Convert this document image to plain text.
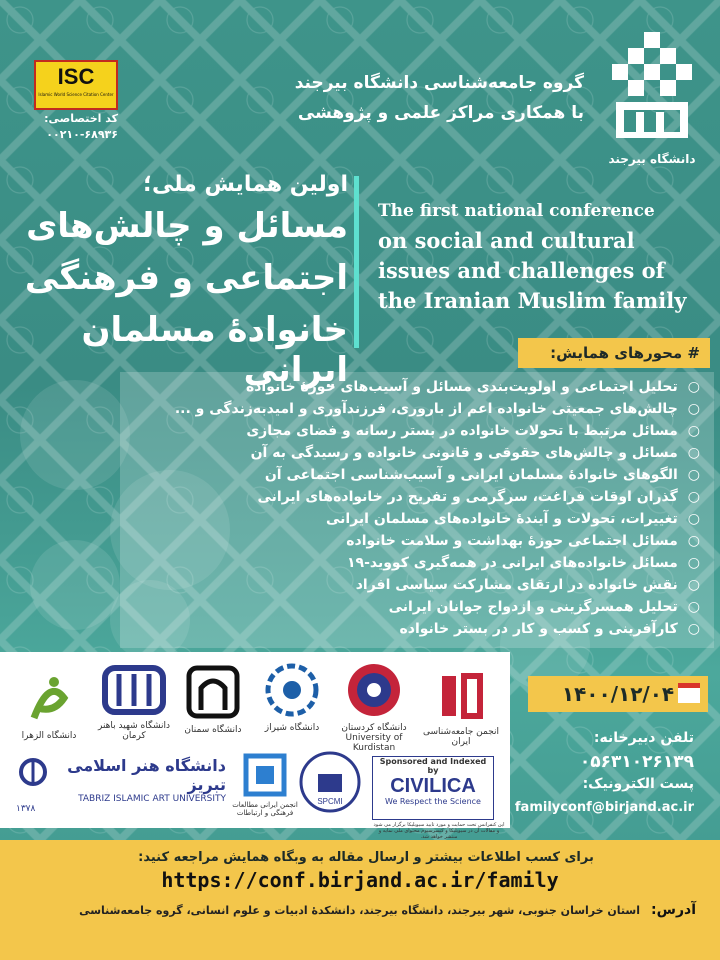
دانشگاه بیرجند
گروه جامعه‌شناسی دانشگاه بیرجند
با همکاری مراکز علمی و پژوهشی
ISC
Islamic World Science Citation Center
کد اختصاصی:
۰۰۲۱۰-۶۸۹۳۶
اولین همایش ملی؛
مسائل و چالش‌های
اجتماعی و فرهنگی
خانوادۀ مسلمان ایرانی
The first national conference
on social and cultural
issues and challenges of
the Iranian Muslim family
# محورهای همایش:
○تحلیل اجتماعی و اولویت‌بندی مسائل و آسیب‌های حوزۀ خانواده
○چالش‌های جمعیتی خانواده اعم از باروری، فرزندآوری و امیدبه‌زندگی و ...
○مسائل مرتبط با تحولات خانواده در بستر رسانه و فضای مجازی
○مسائل و چالش‌های حقوقی و قانونی خانواده و رسیدگی به آن
○الگوهای خانوادۀ مسلمان ایرانی و آسیب‌شناسی اجتماعی آن
○گذران اوقات فراغت، سرگرمی و تفریح در خانواده‌های ایرانی
○تغییرات، تحولات و آیندۀ خانواده‌های مسلمان ایرانی
○مسائل اجتماعی حوزۀ بهداشت و سلامت خانواده
○مسائل خانواده‌های ایرانی در همه‌گیری کووید-۱۹
○نقش خانواده در ارتقای مشارکت سیاسی افراد
○تحلیل همسرگزینی و ازدواج جوانان ایرانی
○کارآفرینی و کسب و کار در بستر خانواده
دانشگاه الزهرا
دانشگاه شهید باهنر کرمان
دانشگاه سمنان	دانشگاه شیراز	دانشگاه کردستان
University of Kurdistan
انجمن جامعه‌شناسی ایران
دانشگاه هنر اسلامی تبریز
TABRIZ ISLAMIC ART UNIVERSITY
۱۳۷۸	انجمن ایرانی مطالعات فرهنگی و ارتباطات
SPCMI
Sponsored and Indexed by
CIVILICA
We Respect the Science
این کنفرانس تحت حمایت و مورد تایید سیویلیکا برگزار می شود و مقالات آن در سیویلیکا و کنسرسیوم محتوای ملی نمایه و منتشر خواهد شد.
۱۴۰۰/۱۲/۰۴
تلفن دبیرخانه:
۰۵۶۳۱۰۲۶۱۳۹
پست الکترونیک:
familyconf@birjand.ac.ir
برای کسب اطلاعات بیشتر و ارسال مقاله به وبگاه همایش مراجعه کنید:
https://conf.birjand.ac.ir/family
آدرس:
استان خراسان جنوبی، شهر بیرجند، دانشگاه بیرجند، دانشکدۀ ادبیات و علوم انسانی، گروه جامعه‌شناسی
